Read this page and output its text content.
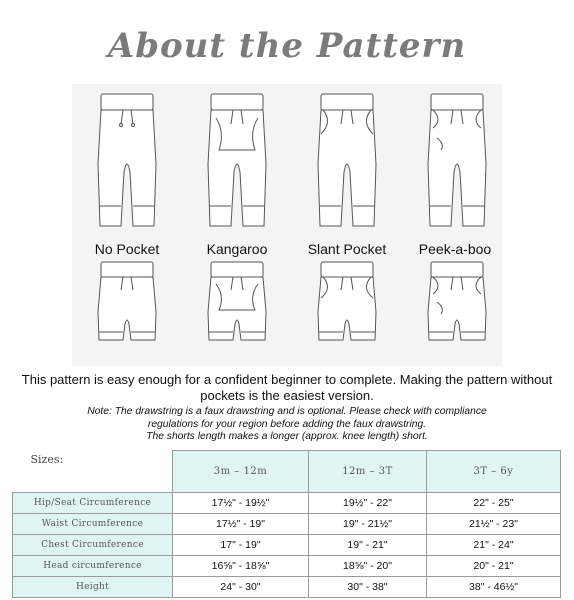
About the Pattern
No Pocket	Kangaroo	Slant Pocket	Peek-a-boo
This pattern is easy enough for a confident beginner to complete. Making the pattern without pockets is the easiest version.
Note: The drawstring is a faux drawstring and is optional. Please check with compliance
regulations for your region before adding the faux drawstring.
The shorts length makes a longer (approx. knee length) short.
Sizes:	3m – 12m	12m – 3T	3T – 6y
Hip/Seat Circumference	17½" - 19½"	19½" - 22"	22" - 25"
Waist Circumference	17½" - 19"	19" - 21½"	21½" - 23"
Chest Circumference	17" - 19"	19" - 21"	21" - 24"
Head circumference	16⅝" - 18⅝"	18⅝" - 20"	20" - 21"
Height	24" - 30"	30" - 38"	38" - 46½"
